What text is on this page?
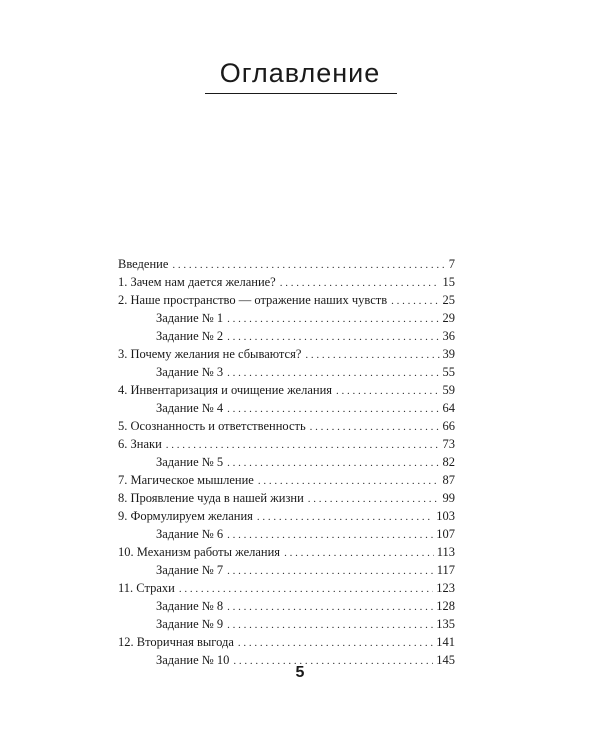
Оглавление
Введение . . .	7
1. Зачем нам дается желание? . . .	15
2. Наше пространство — отражение наших чувств . . .	25
Задание № 1 . . .	29
Задание № 2 . . .	36
3. Почему желания не сбываются? . . .	39
Задание № 3 . . .	55
4. Инвентаризация и очищение желания . . .	59
Задание № 4 . . .	64
5. Осознанность и ответственность . . .	66
6. Знаки . . .	73
Задание № 5 . . .	82
7. Магическое мышление . . .	87
8. Проявление чуда в нашей жизни . . .	99
9. Формулируем желания . . .	103
Задание № 6 . . .	107
10. Механизм работы желания . . .	113
Задание № 7 . . .	117
11. Страхи . . .	123
Задание № 8 . . .	128
Задание № 9 . . .	135
12. Вторичная выгода . . .	141
Задание № 10 . . .	145
5
